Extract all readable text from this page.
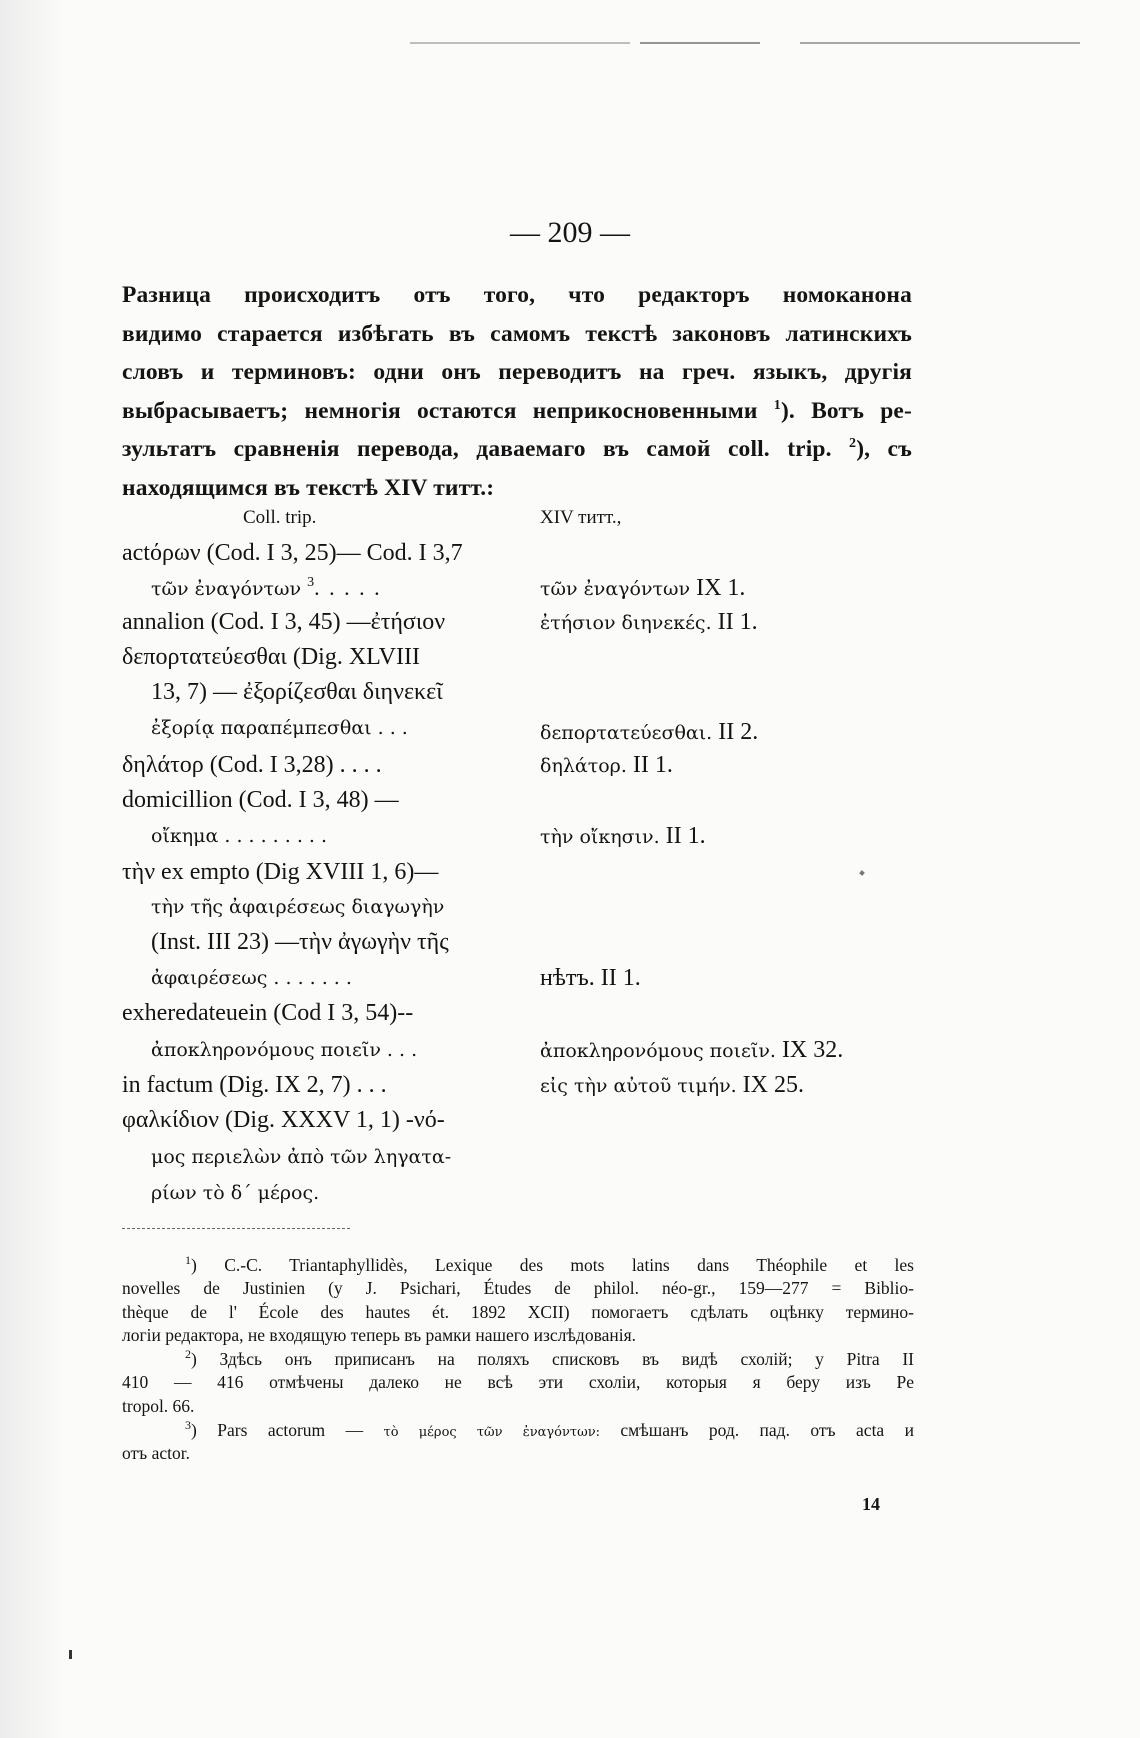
— 209 —
Разница происходитъ отъ того, что редакторъ номоканона
видимо старается избѣгать въ самомъ текстѣ законовъ латинскихъ
словъ и терминовъ: одни онъ переводитъ на греч. языкъ, другія
выбрасываетъ; немногія остаются неприкосновенными $^1$). Вотъ ре-
зультатъ сравненія перевода, даваемаго въ самой coll. trip. $^2$), съ
находящимся въ текстѣ XIV титт.:
Coll. trip.	XIV титт.,
actόρων (Cod. I 3, 25)— Cod. I 3,7
τῶν ἐναγόντων $^3$. . . . .
annalion (Cod. I 3, 45) —ἐτήσιον
δεπορτατεύεσθαι (Dig. XLVIII
13, 7) — ἐξορίζεσθαι διηνεκεῖ
ἐξορίᾳ παραπέμπεσθαι . . .
δηλάτορ (Cod. I 3,28) . . . .
domicillion (Cod. I 3, 48) —
οἴκημα . . . . . . . . .
τὴν ex empto (Dig XVIII 1, 6)—
τὴν τῆς ἀφαιρέσεως διαγωγὴν
(Inst. III 23) —τὴν ἀγωγὴν τῆς
ἀφαιρέσεως . . . . . . .
exheredateuein (Cod I 3, 54)--
ἀποκληρονόμους ποιεῖν . . .
in factum (Dig. IX 2, 7) . . .
φαλκίδιον (Dig. XXXV 1, 1) -νό-
μος περιελὼν ἀπὸ τῶν ληγατα-
ρίων τὸ δ΄ μέρος.
τῶν ἐναγόντων IX 1.
ἐτήσιον διηνεκές. II 1.
δεπορτατεύεσθαι. II 2.
δηλάτορ. II 1.
τὴν οἴκησιν. II 1.
нѣтъ. II 1.
ἀποκληρονόμους ποιεῖν. IX 32.
εἰς τὴν αὐτοῦ τιμήν. IX 25.
$^1$) C.-C. Triantaphyllidès, Lexique des mots latins dans Théophile et les
novelles de Justinien (y J. Psichari, Études de philol. néo-gr., 159—277 = Biblio-
thèque de l' École des hautes ét. 1892 XCII) помогаетъ сдѣлать оцѣнку термино-
логіи редактора, не входящую теперь въ рамки нашего изслѣдованія.
$^2$) Здѣсь онъ приписанъ на поляхъ списковъ въ видѣ схолій; у Pitra II
410 — 416 отмѣчены далеко не всѣ эти схоліи, которыя я беру изъ Pe
tropol. 66.
$^3$) Pars actorum — τὸ μέρος τῶν ἐναγόντων: смѣшанъ род. пад. отъ acta и
отъ actor.
14
